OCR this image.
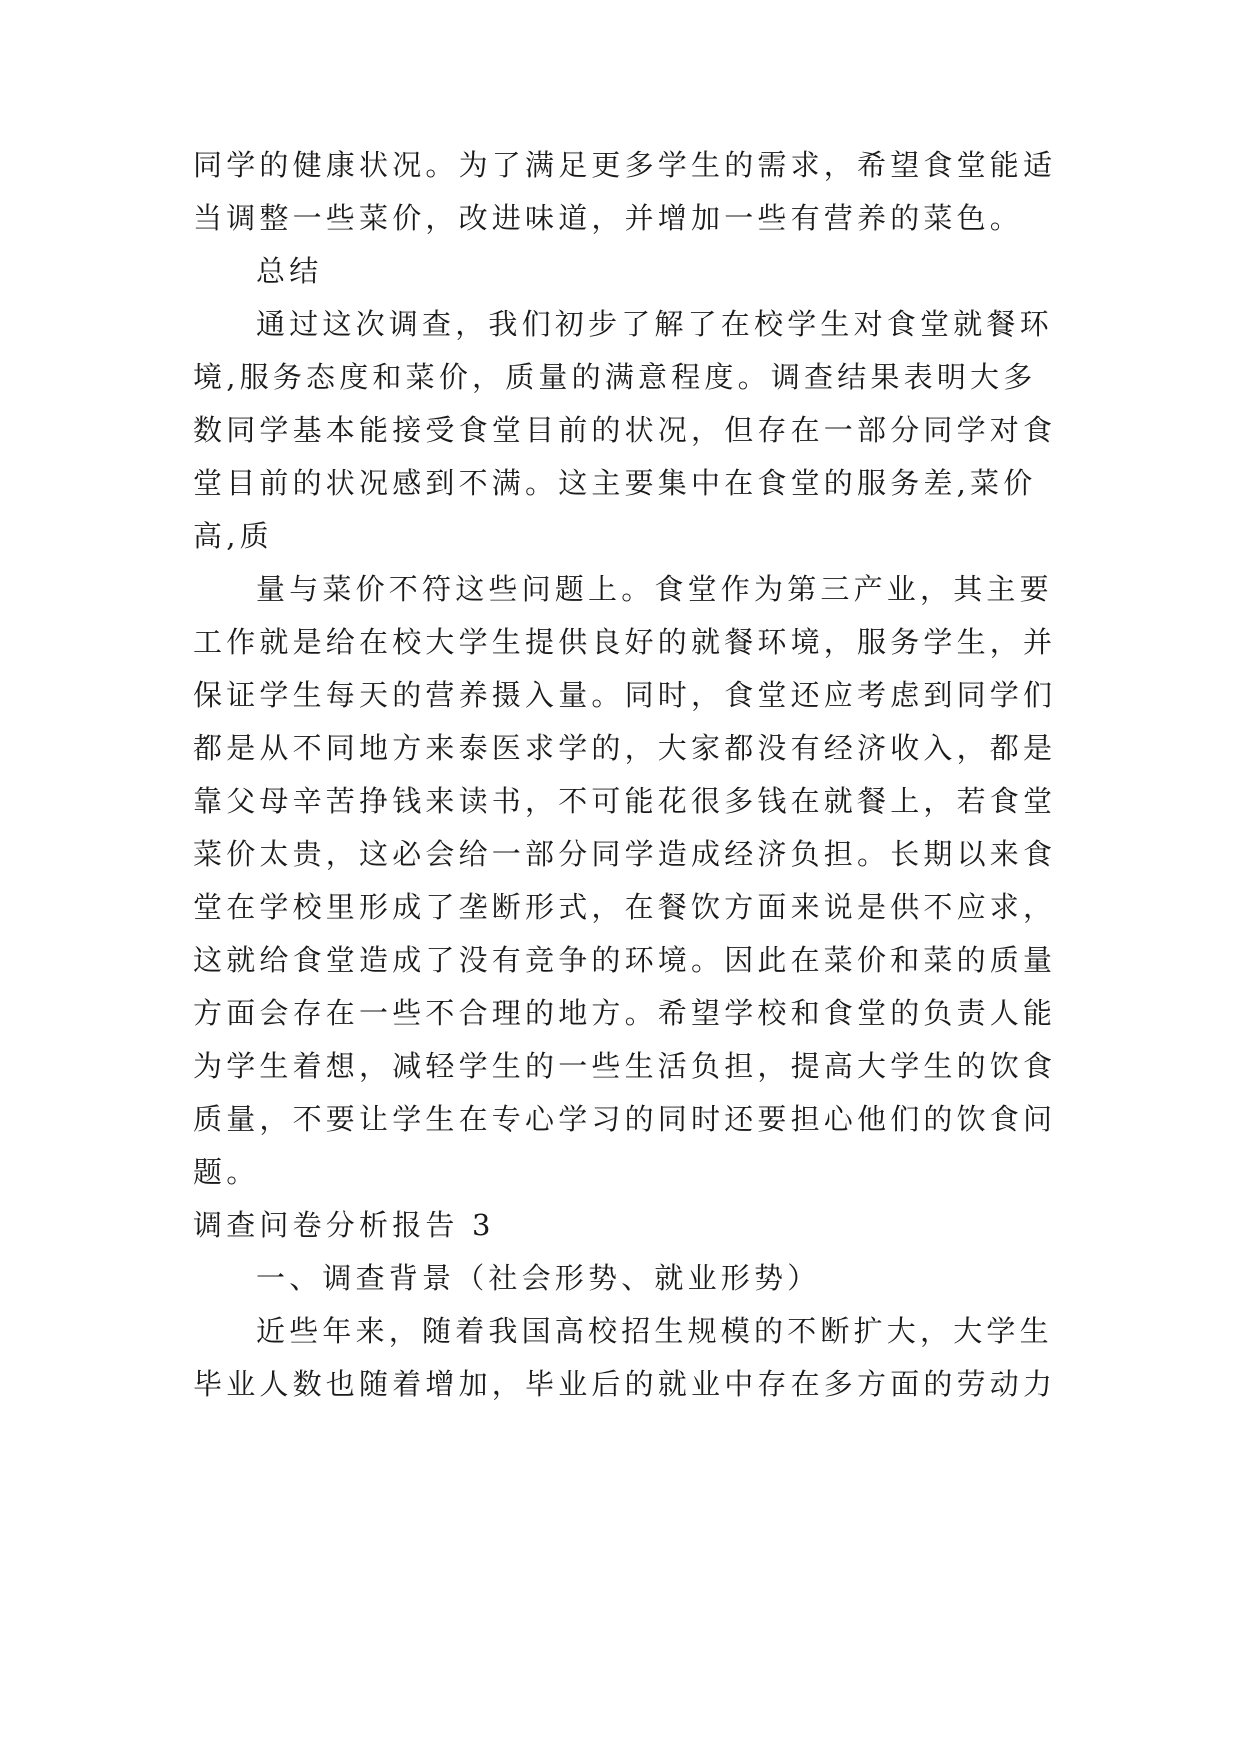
同学的健康状况。为了满足更多学生的需求，希望食堂能适

当调整一些菜价，改进味道，并增加一些有营养的菜色。

总结

通过这次调查，我们初步了解了在校学生对食堂就餐环

境,服务态度和菜价，质量的满意程度。调查结果表明大多

数同学基本能接受食堂目前的状况，但存在一部分同学对食

堂目前的状况感到不满。这主要集中在食堂的服务差,菜价

高,质

量与菜价不符这些问题上。食堂作为第三产业，其主要

工作就是给在校大学生提供良好的就餐环境，服务学生，并

保证学生每天的营养摄入量。同时，食堂还应考虑到同学们

都是从不同地方来泰医求学的，大家都没有经济收入，都是

靠父母辛苦挣钱来读书，不可能花很多钱在就餐上，若食堂

菜价太贵，这必会给一部分同学造成经济负担。长期以来食

堂在学校里形成了垄断形式，在餐饮方面来说是供不应求，

这就给食堂造成了没有竞争的环境。因此在菜价和菜的质量

方面会存在一些不合理的地方。希望学校和食堂的负责人能

为学生着想，减轻学生的一些生活负担，提高大学生的饮食

质量，不要让学生在专心学习的同时还要担心他们的饮食问

题。

调查问卷分析报告 3

一、调查背景（社会形势、就业形势）

近些年来，随着我国高校招生规模的不断扩大，大学生

毕业人数也随着增加，毕业后的就业中存在多方面的劳动力
